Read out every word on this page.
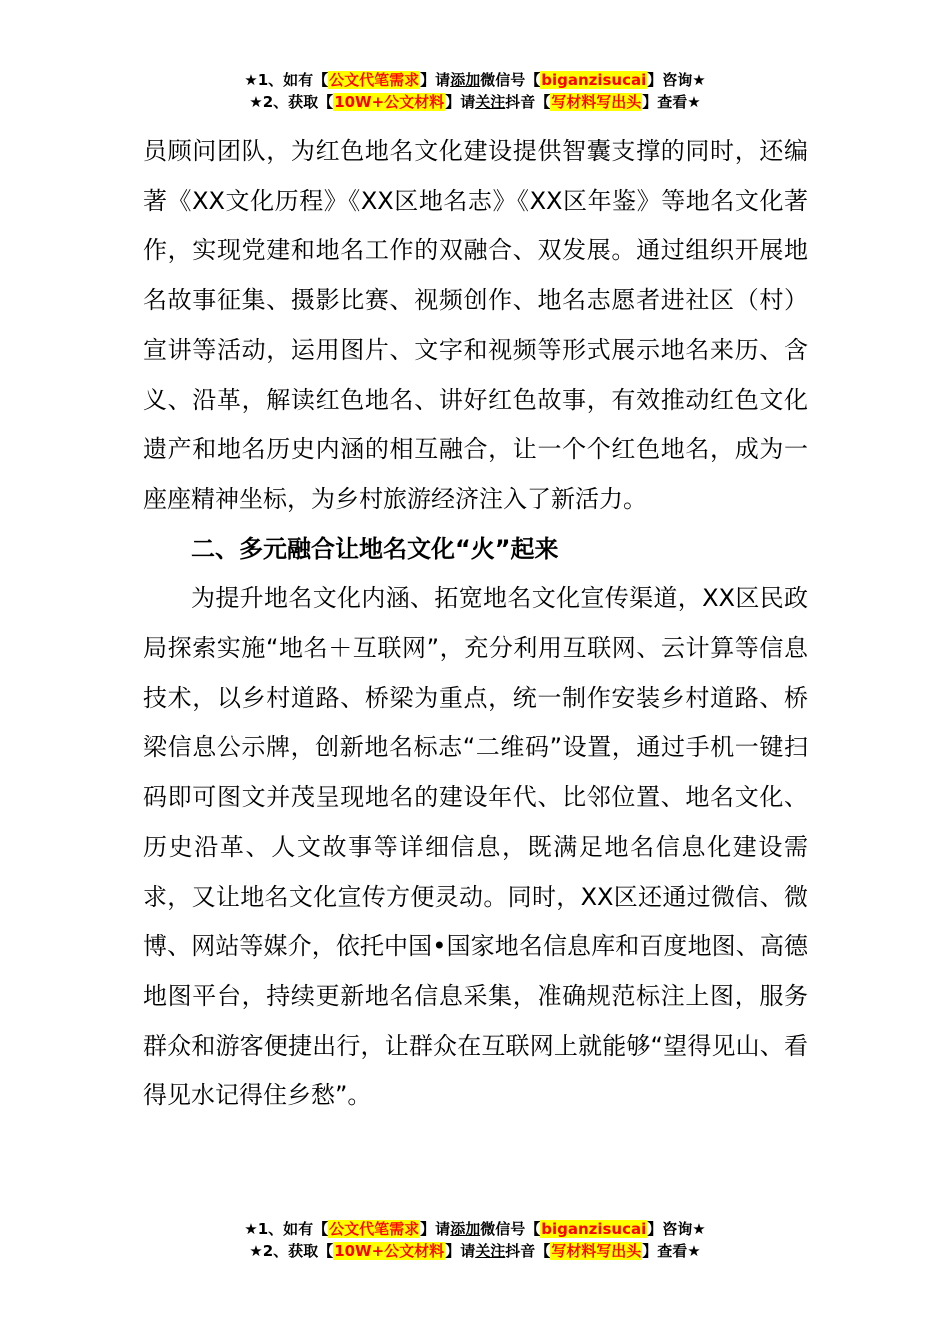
★1、如有【公文代笔需求】请添加微信号【biganzisucai】咨询★
★2、获取【10W+公文材料】请关注抖音【写材料写出头】查看★

员顾问团队，为红色地名文化建设提供智囊支撑的同时，还编著《XX文化历程》《XX区地名志》《XX区年鉴》等地名文化著作，实现党建和地名工作的双融合、双发展。通过组织开展地名故事征集、摄影比赛、视频创作、地名志愿者进社区（村）宣讲等活动，运用图片、文字和视频等形式展示地名来历、含义、沿革，解读红色地名、讲好红色故事，有效推动红色文化遗产和地名历史内涵的相互融合，让一个个红色地名，成为一座座精神坐标，为乡村旅游经济注入了新活力。

二、多元融合让地名文化“火”起来

为提升地名文化内涵、拓宽地名文化宣传渠道，XX区民政局探索实施“地名＋互联网”，充分利用互联网、云计算等信息技术，以乡村道路、桥梁为重点，统一制作安装乡村道路、桥梁信息公示牌，创新地名标志“二维码”设置，通过手机一键扫码即可图文并茂呈现地名的建设年代、比邻位置、地名文化、历史沿革、人文故事等详细信息，既满足地名信息化建设需求，又让地名文化宣传方便灵动。同时，XX区还通过微信、微博、网站等媒介，依托中国•国家地名信息库和百度地图、高德地图平台，持续更新地名信息采集，准确规范标注上图，服务群众和游客便捷出行，让群众在互联网上就能够“望得见山、看得见水记得住乡愁”。

★1、如有【公文代笔需求】请添加微信号【biganzisucai】咨询★
★2、获取【10W+公文材料】请关注抖音【写材料写出头】查看★
